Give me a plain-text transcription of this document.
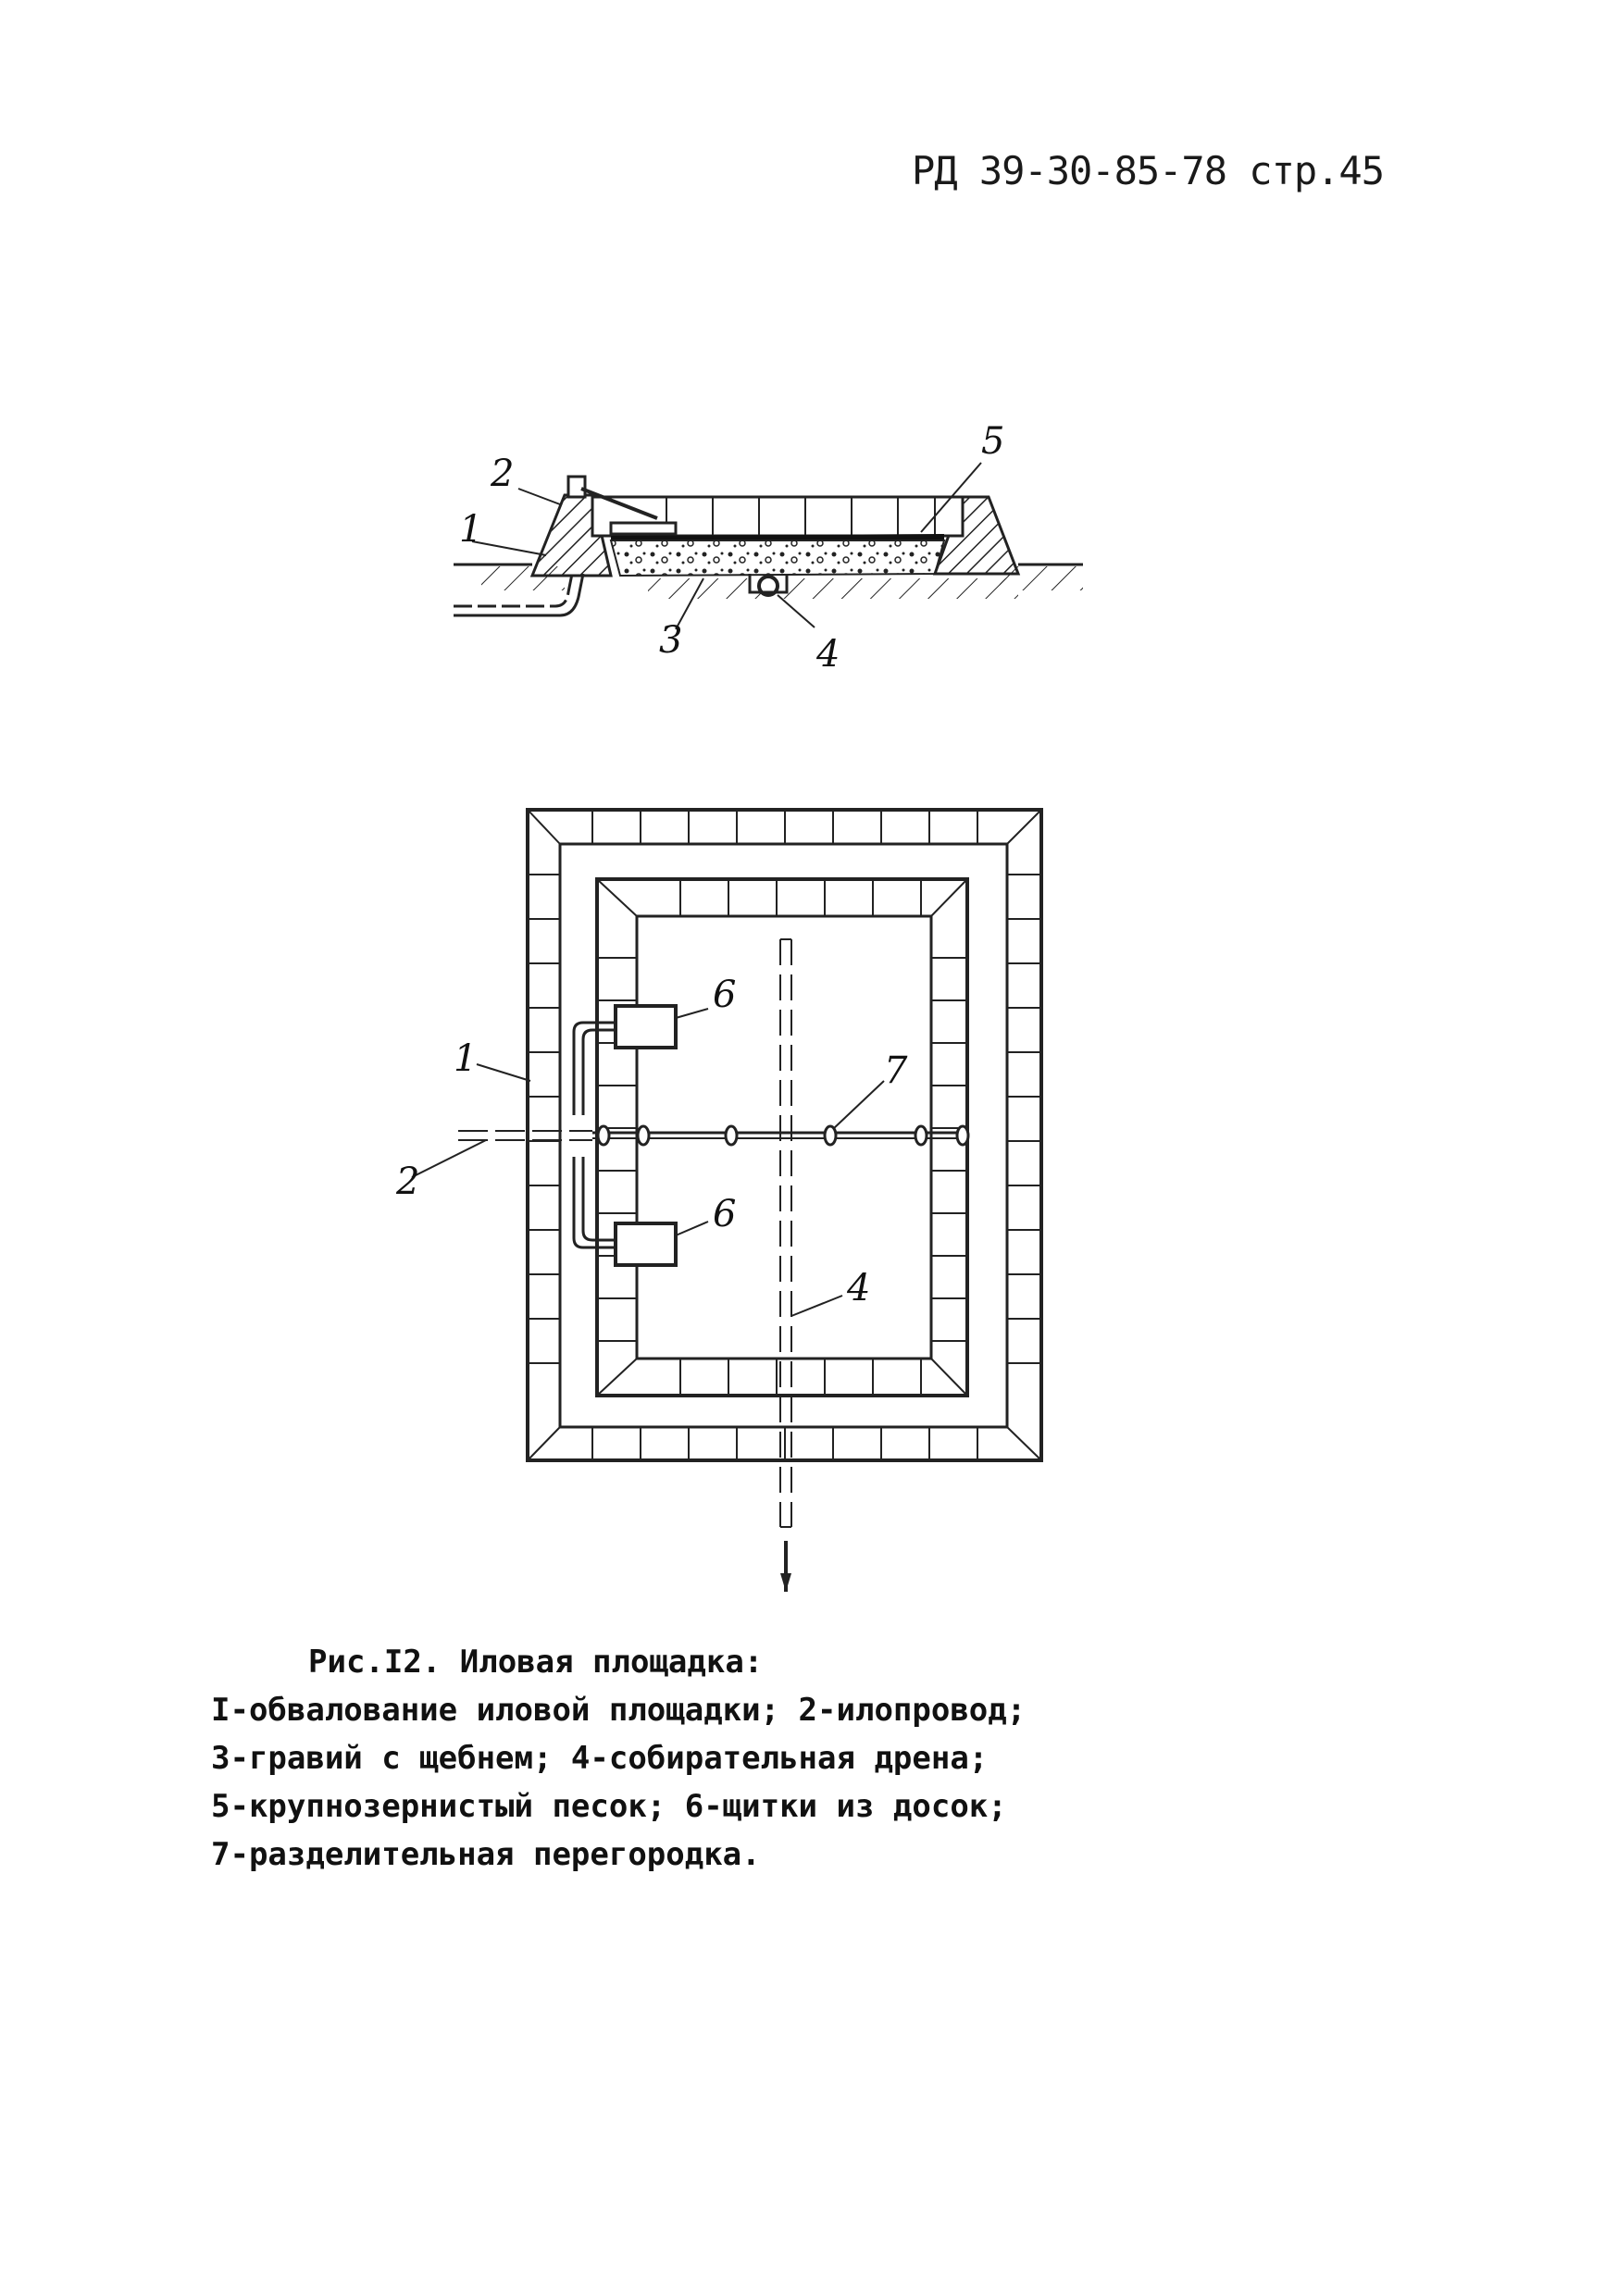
РД 39-30-85-78 стр.45
1
2
3	4
5
1
2
4
6
6
7
Рис.I2. Иловая площадка:
I-обвалование иловой площадки; 2-илопровод;
3-гравий с щебнем; 4-собирательная дрена;
5-крупнозернистый песок; 6-щитки из досок;
7-разделительная перегородка.
